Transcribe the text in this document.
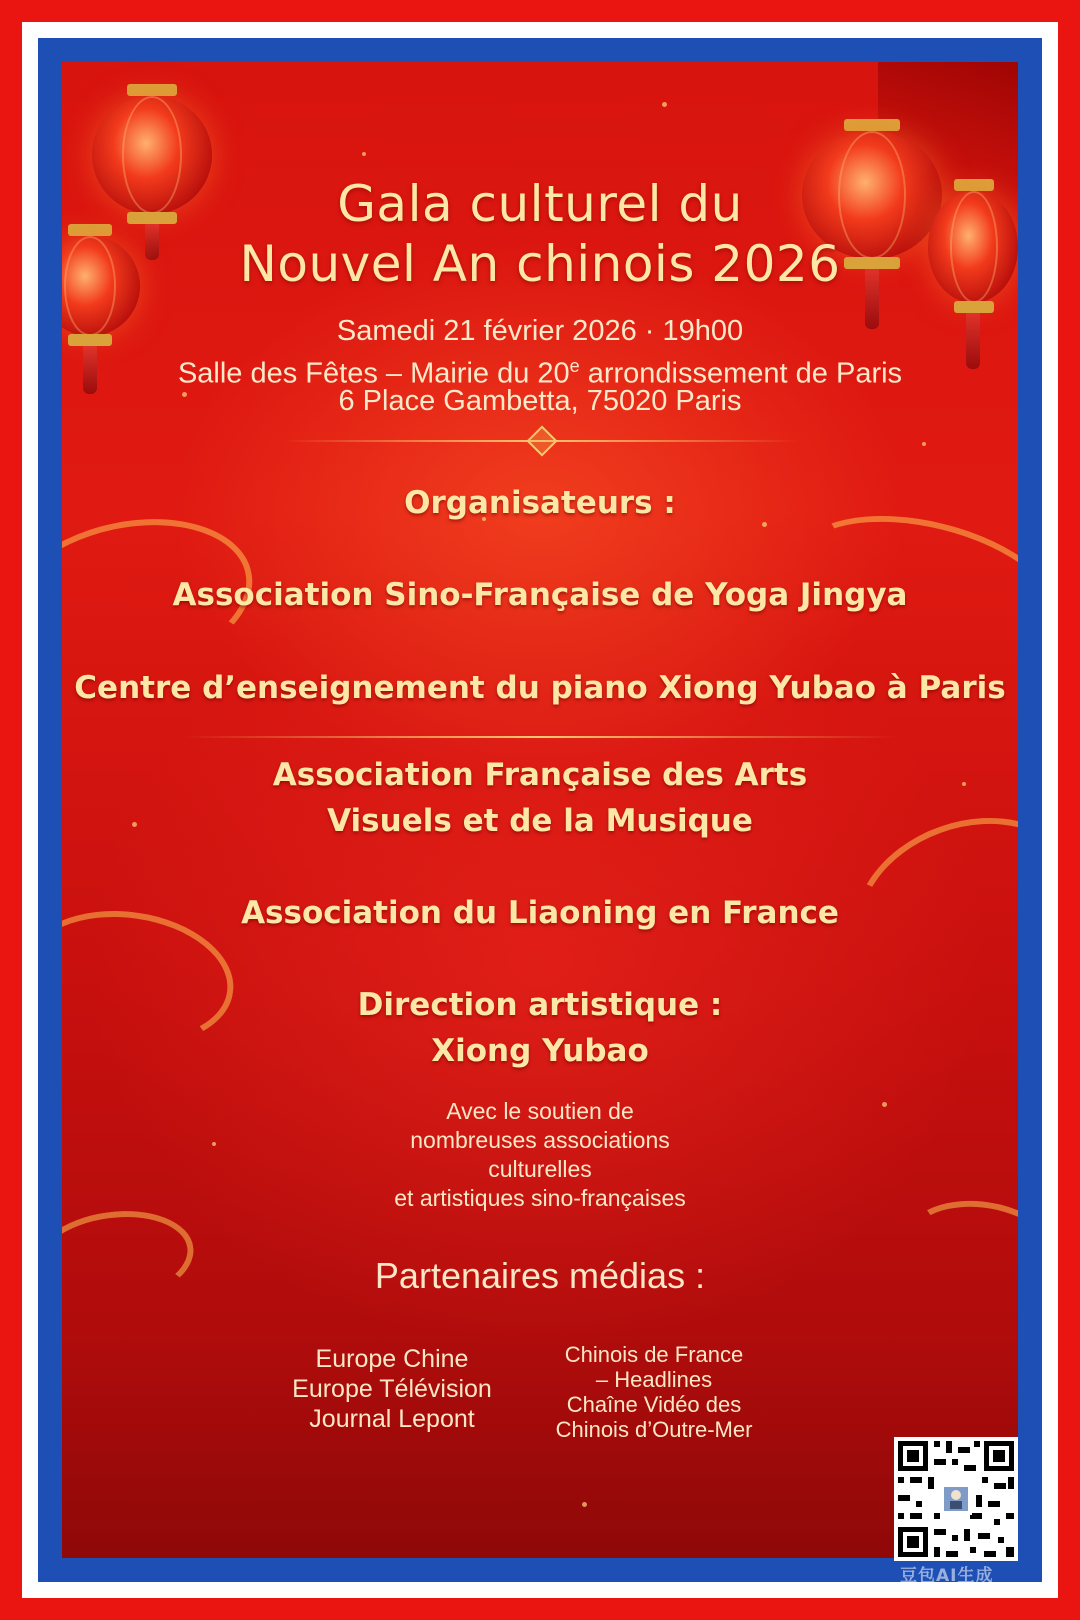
Gala culturel du
Nouvel An chinois 2026

Samedi 21 février 2026 · 19h00

Salle des Fêtes – Mairie du 20e arrondissement de Paris

6 Place Gambetta, 75020 Paris

Organisateurs :

Association Sino-Française de Yoga Jingya

Centre d’enseignement du piano Xiong Yubao à Paris

Association Française des Arts

Visuels et de la Musique

Association du Liaoning en France

Direction artistique :

Xiong Yubao

Avec le soutien de

nombreuses associations

culturelles

et artistiques sino-françaises

Partenaires médias :

Europe Chine

Europe Télévision

Journal Lepont

Chinois de France

– Headlines

Chaîne Vidéo des

Chinois d’Outre-Mer

豆包AI生成
